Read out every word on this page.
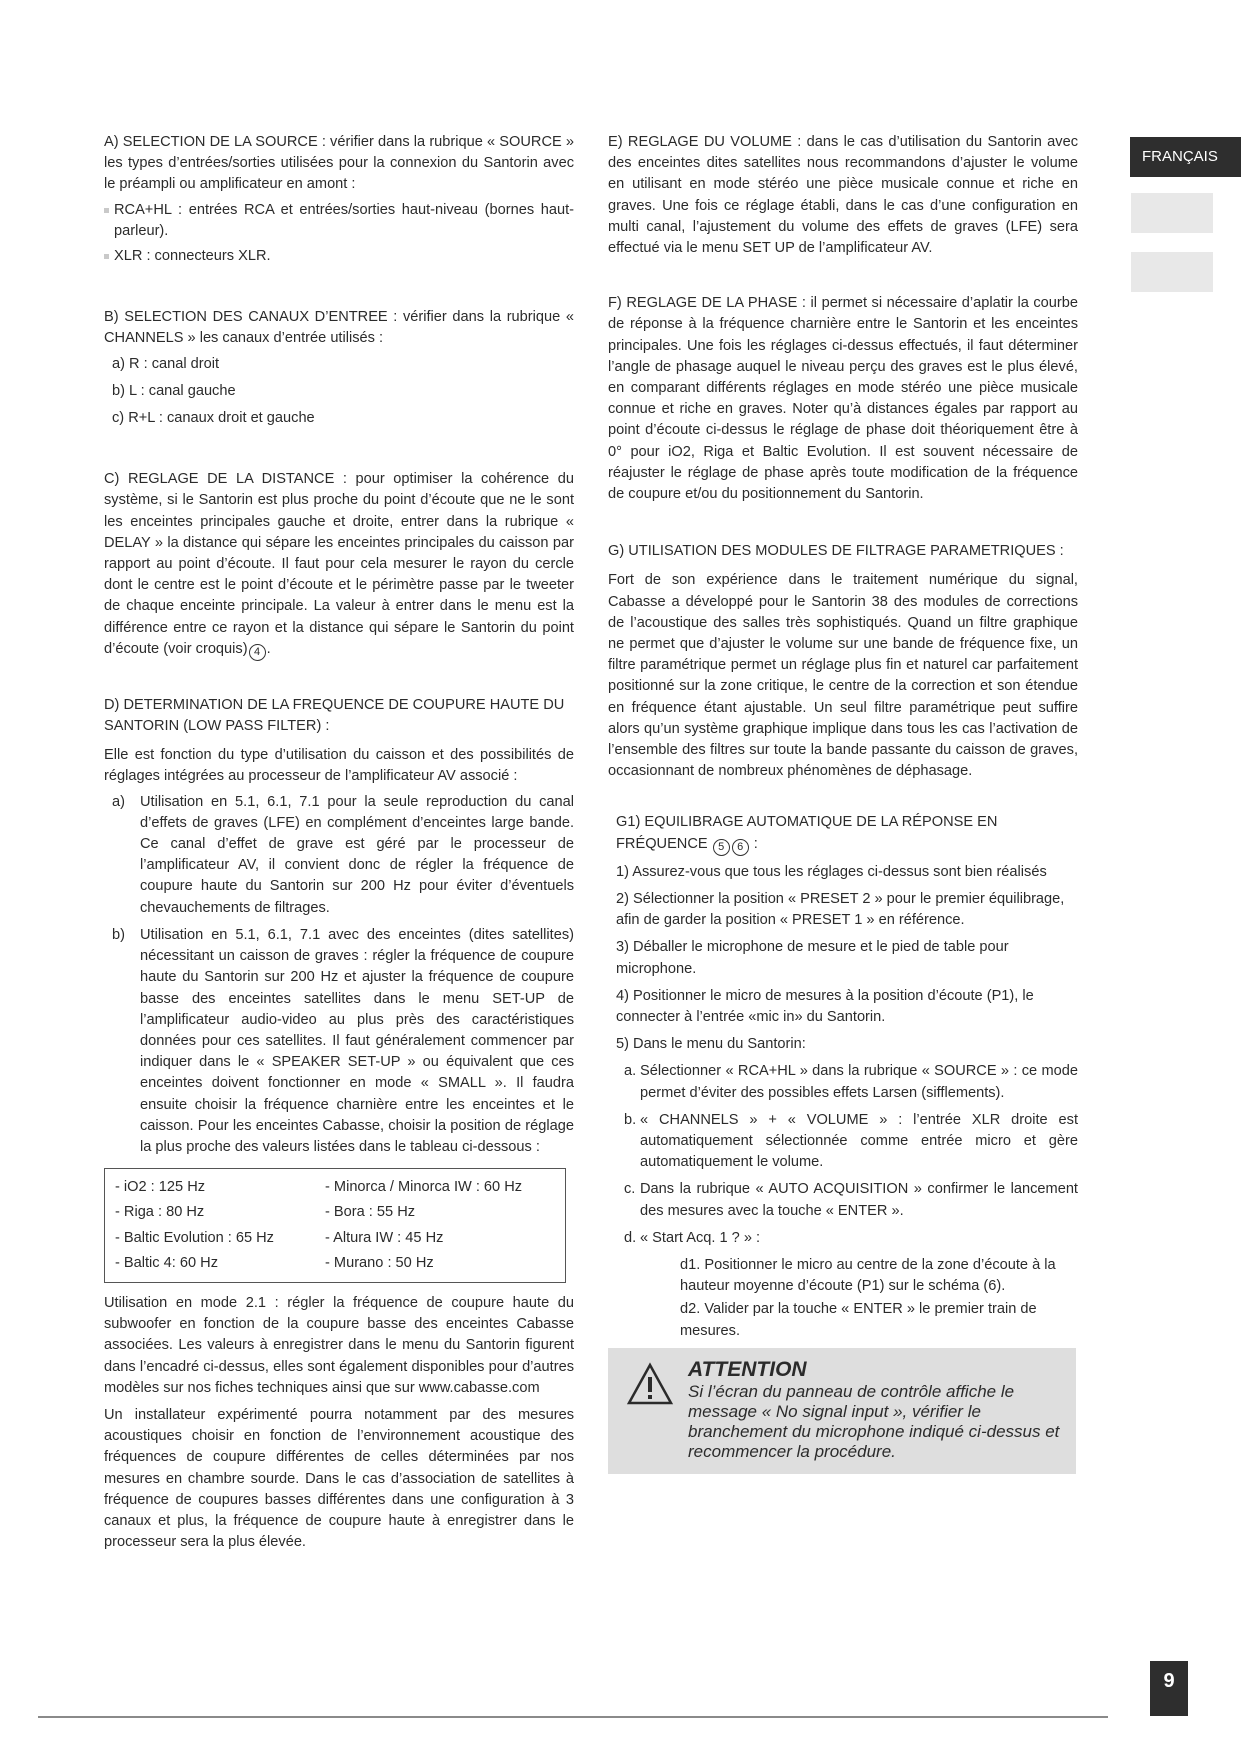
FRANÇAIS
A) SELECTION DE LA SOURCE : vérifier dans la rubrique « SOURCE » les types d’entrées/sorties utilisées pour la connexion du Santorin avec le préampli ou amplificateur en amont :
RCA+HL : entrées RCA et entrées/sorties haut-niveau (bornes haut-parleur).
XLR : connecteurs XLR.
B) SELECTION DES CANAUX D’ENTREE : vérifier dans la rubrique « CHANNELS » les canaux d’entrée utilisés :
a) R : canal droit
b) L : canal gauche
c) R+L : canaux droit et gauche
C) REGLAGE DE LA DISTANCE : pour optimiser la cohérence du système, si le Santorin est plus proche du point d’écoute que ne le sont les enceintes principales gauche et droite, entrer dans la rubrique « DELAY » la distance qui sépare les enceintes principales du caisson par rapport au point d’écoute. Il faut pour cela mesurer le rayon du cercle dont le centre est le point d’écoute et le périmètre passe par le tweeter de chaque enceinte principale. La valeur à entrer dans le menu est la différence entre ce rayon et la distance qui sépare le Santorin du point d’écoute (voir croquis) 4 .
D) DETERMINATION DE LA FREQUENCE DE COUPURE HAUTE DU SANTORIN (LOW PASS FILTER) :
Elle est fonction du type d’utilisation du caisson et des possibilités de réglages intégrées au processeur de l’amplificateur AV associé :
a) Utilisation en 5.1, 6.1, 7.1 pour la seule reproduction du canal d’effets de graves (LFE) en complément d’enceintes large bande. Ce canal d’effet de grave est géré par le processeur de l’amplificateur AV, il convient donc de régler la fréquence de coupure haute du Santorin sur 200 Hz pour éviter d’éventuels chevauchements de filtrages.
b) Utilisation en 5.1, 6.1, 7.1 avec des enceintes (dites satellites) nécessitant un caisson de graves : régler la fréquence de coupure haute du Santorin sur 200 Hz et ajuster la fréquence de coupure basse des enceintes satellites dans le menu SET-UP de l’amplificateur audio-video au plus près des caractéristiques données pour ces satellites. Il faut généralement commencer par indiquer dans le « SPEAKER SET-UP » ou équivalent que ces enceintes doivent fonctionner en mode « SMALL ». Il faudra ensuite choisir la fréquence charnière entre les enceintes et le caisson. Pour les enceintes Cabasse, choisir la position de réglage la plus proche des valeurs listées dans le tableau ci-dessous :
- iO2 : 125 Hz	- Minorca / Minorca IW : 60 Hz
- Riga : 80 Hz	- Bora : 55 Hz
- Baltic Evolution : 65 Hz	- Altura IW : 45 Hz
- Baltic 4: 60 Hz	- Murano : 50 Hz
Utilisation en mode 2.1 : régler la fréquence de coupure haute du subwoofer en fonction de la coupure basse des enceintes Cabasse associées. Les valeurs à enregistrer dans le menu du Santorin figurent dans l’encadré ci-dessus, elles sont également disponibles pour d’autres modèles sur nos fiches techniques ainsi que sur www.cabasse.com
Un installateur expérimenté pourra notamment par des mesures acoustiques choisir en fonction de l’environnement acoustique des fréquences de coupure différentes de celles déterminées par nos mesures en chambre sourde. Dans le cas d’association de satellites à fréquence de coupures basses différentes dans une configuration à 3 canaux et plus, la fréquence de coupure haute à enregistrer dans le processeur sera la plus élevée.
E) REGLAGE DU VOLUME : dans le cas d’utilisation du Santorin avec des enceintes dites satellites nous recommandons d’ajuster le volume en utilisant en mode stéréo une pièce musicale connue et riche en graves. Une fois ce réglage établi, dans le cas d’une configuration en multi canal, l’ajustement du volume des effets de graves (LFE) sera effectué via le menu SET UP de l’amplificateur AV.
F) REGLAGE DE LA PHASE : il permet si nécessaire d’aplatir la courbe de réponse à la fréquence charnière entre le Santorin et les enceintes principales. Une fois les réglages ci-dessus effectués, il faut déterminer l’angle de phasage auquel le niveau perçu des graves est le plus élevé, en comparant différents réglages en mode stéréo une pièce musicale connue et riche en graves. Noter qu’à distances égales par rapport au point d’écoute ci-dessus le réglage de phase doit théoriquement être à 0° pour iO2, Riga et Baltic Evolution. Il est souvent nécessaire de réajuster le réglage de phase après toute modification de la fréquence de coupure et/ou du positionnement du Santorin.
G) UTILISATION DES MODULES DE FILTRAGE PARAMETRIQUES :
Fort de son expérience dans le traitement numérique du signal, Cabasse a développé pour le Santorin 38 des modules de corrections de l’acoustique des salles très sophistiqués. Quand un filtre graphique ne permet que d’ajuster le volume sur une bande de fréquence fixe, un filtre paramétrique permet un réglage plus fin et naturel car parfaitement positionné sur la zone critique, le centre de la correction et son étendue en fréquence étant ajustable. Un seul filtre paramétrique peut suffire alors qu’un système graphique implique dans tous les cas l’activation de l’ensemble des filtres sur toute la bande passante du caisson de graves, occasionnant de nombreux phénomènes de déphasage.
G1) EQUILIBRAGE AUTOMATIQUE DE LA RÉPONSE EN FRÉQUENCE 5 6 :
1) Assurez-vous que tous les réglages ci-dessus sont bien réalisés
2) Sélectionner la position « PRESET 2 » pour le premier équilibrage, afin de garder la position « PRESET 1 » en référence.
3) Déballer le microphone de mesure et le pied de table pour microphone.
4) Positionner le micro de mesures à la position d’écoute (P1), le connecter à l’entrée «mic in» du Santorin.
5) Dans le menu du Santorin:
a. Sélectionner « RCA+HL » dans la rubrique « SOURCE » : ce mode permet d’éviter des possibles effets Larsen (sifflements).
b. « CHANNELS » + « VOLUME » : l’entrée XLR droite est automatiquement sélectionnée comme entrée micro et gère automatiquement le volume.
c. Dans la rubrique « AUTO ACQUISITION » confirmer le lancement des mesures avec la touche « ENTER ».
d. « Start Acq. 1 ? » :
d1. Positionner le micro au centre de la zone d’écoute à la hauteur moyenne d’écoute (P1) sur le schéma (6).
d2. Valider par la touche « ENTER » le premier train de mesures.
ATTENTION
Si l’écran du panneau de contrôle affiche le message « No signal input », vérifier le branchement du microphone indiqué ci-dessus et recommencer la procédure.
9
